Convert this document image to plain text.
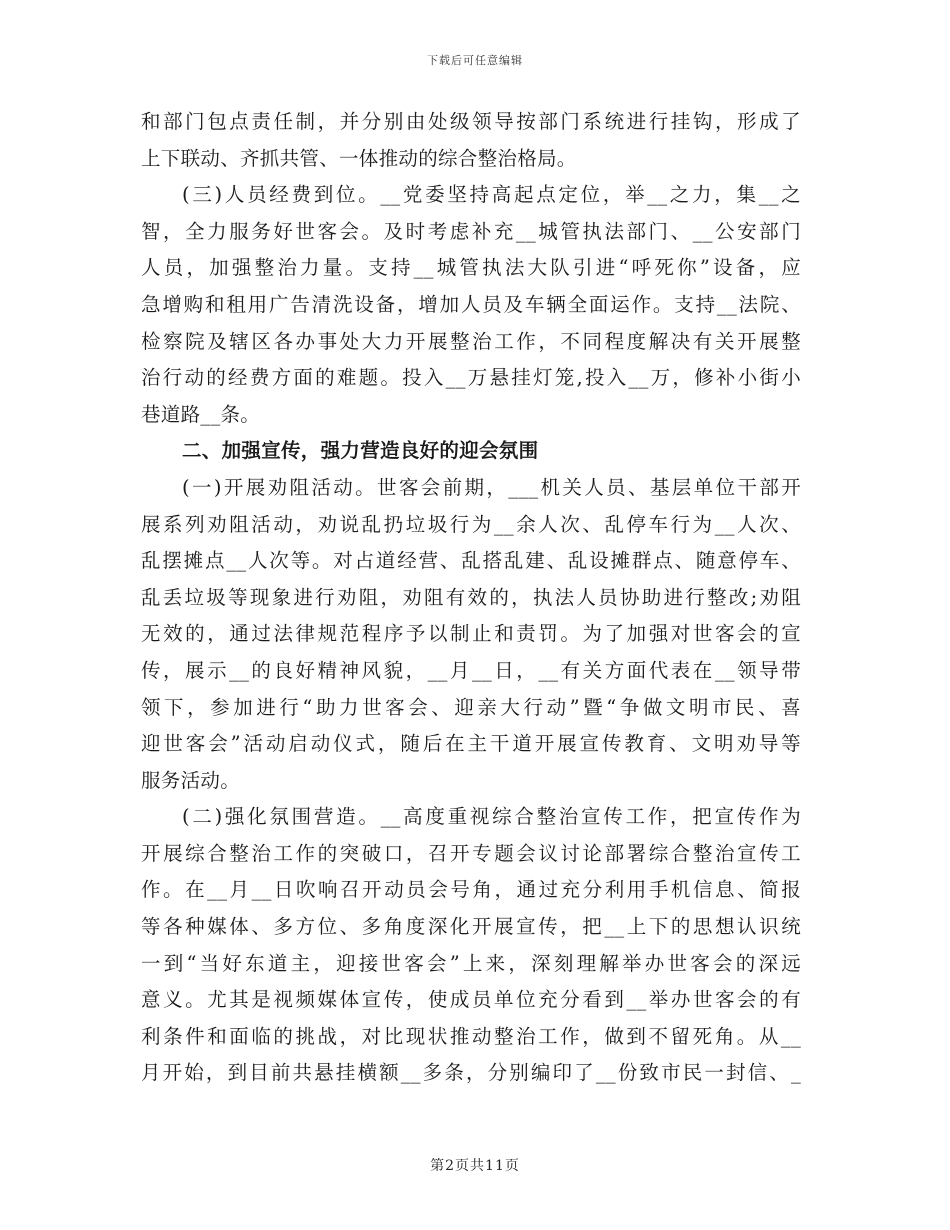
下载后可任意编辑
和部门包点责任制，并分别由处级领导按部门系统进行挂钩，形成了
上下联动、齐抓共管、一体推动的综合整治格局。
(三)人员经费到位。__党委坚持高起点定位，举__之力，集__之
智，全力服务好世客会。及时考虑补充__城管执法部门、__公安部门
人员，加强整治力量。支持__城管执法大队引进“呼死你”设备，应
急增购和租用广告清洗设备，增加人员及车辆全面运作。支持__法院、
检察院及辖区各办事处大力开展整治工作，不同程度解决有关开展整
治行动的经费方面的难题。投入__万悬挂灯笼,投入__万，修补小街小
巷道路__条。
二、加强宣传，强力营造良好的迎会氛围
(一)开展劝阻活动。世客会前期，___机关人员、基层单位干部开
展系列劝阻活动，劝说乱扔垃圾行为__余人次、乱停车行为__人次、
乱摆摊点__人次等。对占道经营、乱搭乱建、乱设摊群点、随意停车、
乱丢垃圾等现象进行劝阻，劝阻有效的，执法人员协助进行整改;劝阻
无效的，通过法律规范程序予以制止和责罚。为了加强对世客会的宣
传，展示__的良好精神风貌，__月__日，__有关方面代表在__领导带
领下，参加进行“助力世客会、迎亲大行动”暨“争做文明市民、喜
迎世客会”活动启动仪式，随后在主干道开展宣传教育、文明劝导等
服务活动。
(二)强化氛围营造。__高度重视综合整治宣传工作，把宣传作为
开展综合整治工作的突破口，召开专题会议讨论部署综合整治宣传工
作。在__月__日吹响召开动员会号角，通过充分利用手机信息、简报
等各种媒体、多方位、多角度深化开展宣传，把__上下的思想认识统
一到“当好东道主，迎接世客会”上来，深刻理解举办世客会的深远
意义。尤其是视频媒体宣传，使成员单位充分看到__举办世客会的有
利条件和面临的挑战，对比现状推动整治工作，做到不留死角。从__
月开始，到目前共悬挂横额__多条，分别编印了__份致市民一封信、_
第2页共11页
